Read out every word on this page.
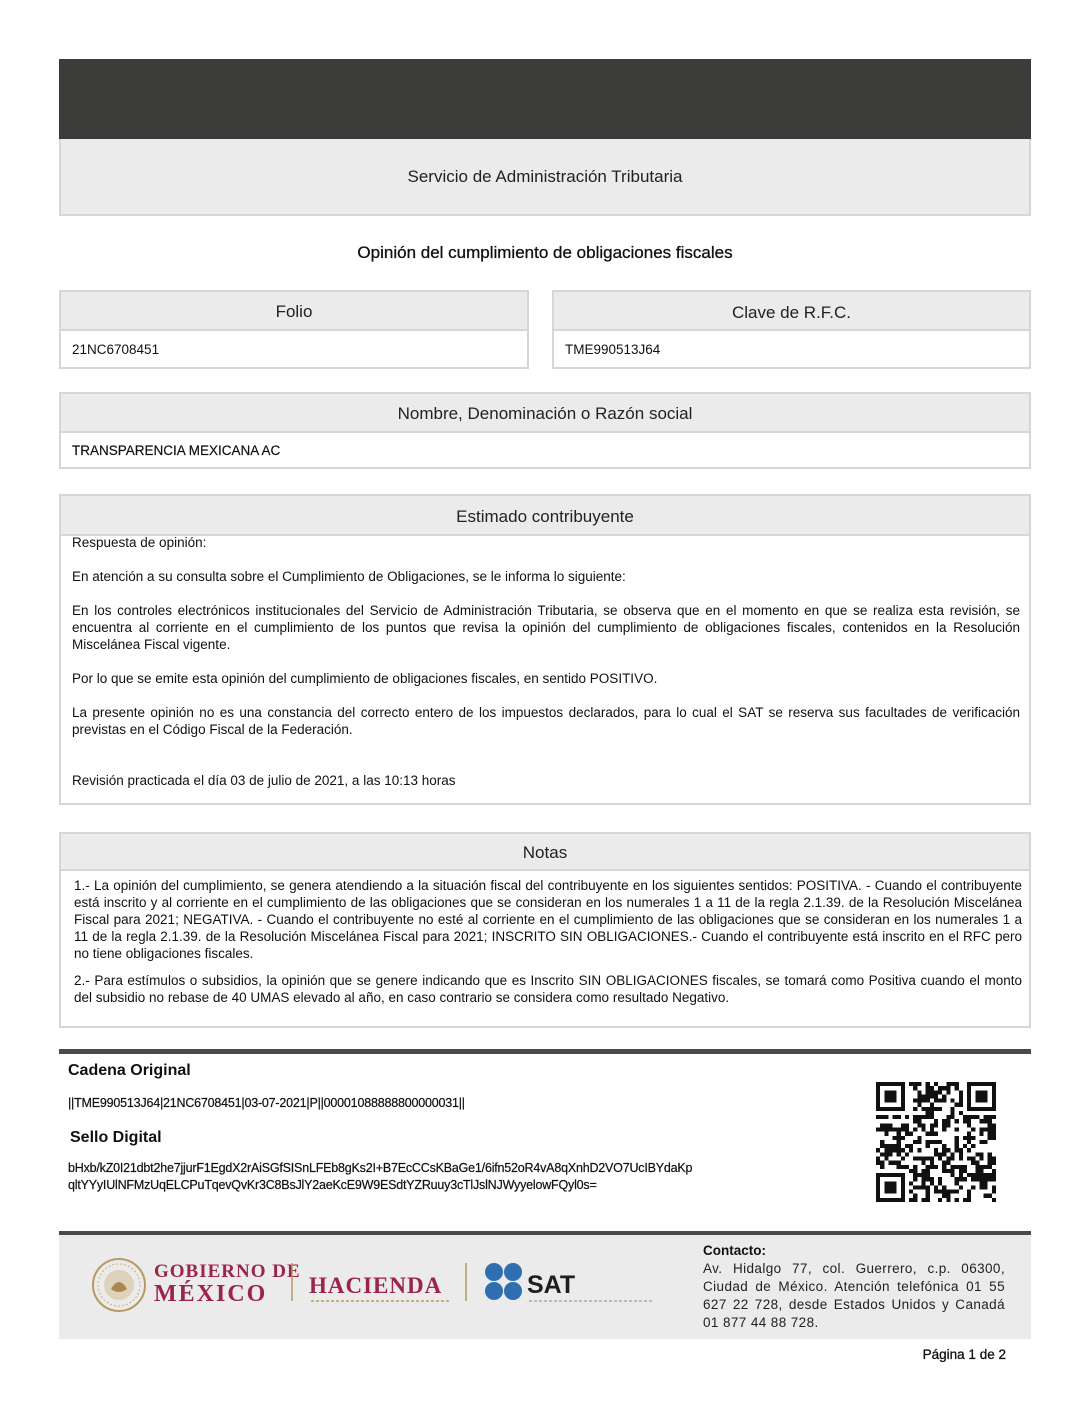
Servicio de Administración Tributaria
Opinión del cumplimiento de obligaciones fiscales
Folio
21NC6708451
Clave de R.F.C.
TME990513J64
Nombre, Denominación o Razón social
TRANSPARENCIA MEXICANA AC
Estimado contribuyente
Respuesta de opinión:
En atención a su consulta sobre el Cumplimiento de Obligaciones, se le informa lo siguiente:
En los controles electrónicos institucionales del Servicio de Administración Tributaria, se observa que en el momento en que se realiza esta revisión, se encuentra al corriente en el cumplimiento de los puntos que revisa la opinión del cumplimiento de obligaciones fiscales, contenidos en la Resolución Miscelánea Fiscal vigente.
Por lo que se emite esta opinión del cumplimiento de obligaciones fiscales, en sentido POSITIVO.
La presente opinión no es una constancia del correcto entero de los impuestos declarados, para lo cual el SAT se reserva sus facultades de verificación previstas en el Código Fiscal de la Federación.
Revisión practicada el día 03 de julio de 2021, a las 10:13 horas
Notas
1.- La opinión del cumplimiento, se genera atendiendo a la situación fiscal del contribuyente en los siguientes sentidos: POSITIVA. - Cuando el contribuyente está inscrito y al corriente en el cumplimiento de las obligaciones que se consideran en los numerales 1 a 11 de la regla 2.1.39. de la Resolución Miscelánea Fiscal para 2021; NEGATIVA. - Cuando el contribuyente no esté al corriente en el cumplimiento de las obligaciones que se consideran en los numerales 1 a 11 de la regla 2.1.39. de la Resolución Miscelánea Fiscal para 2021; INSCRITO SIN OBLIGACIONES.- Cuando el contribuyente está inscrito en el RFC pero no tiene obligaciones fiscales.
2.- Para estímulos o subsidios, la opinión que se genere indicando que es Inscrito SIN OBLIGACIONES fiscales, se tomará como Positiva cuando el monto del subsidio no rebase de 40 UMAS elevado al año, en caso contrario se considera como resultado Negativo.
Cadena Original
||TME990513J64|21NC6708451|03-07-2021|P||00001088888800000031||
Sello Digital
bHxb/kZ0I21dbt2he7jjurF1EgdX2rAiSGfSISnLFEb8gKs2I+B7EcCCsKBaGe1/6ifn52oR4vA8qXnhD2VO7UcIBYdaKp
qltYYyIUlNFMzUqELCPuTqevQvKr3C8BsJlY2aeKcE9W9ESdtYZRuuy3cTlJslNJWyyelowFQyl0s=
GOBIERNO DE
MÉXICO HACIENDA	SAT
Contacto:
Av. Hidalgo 77, col. Guerrero, c.p. 06300, Ciudad de México. Atención telefónica 01 55 627 22 728, desde Estados Unidos y Canadá 01 877 44 88 728.
Página 1 de 2
